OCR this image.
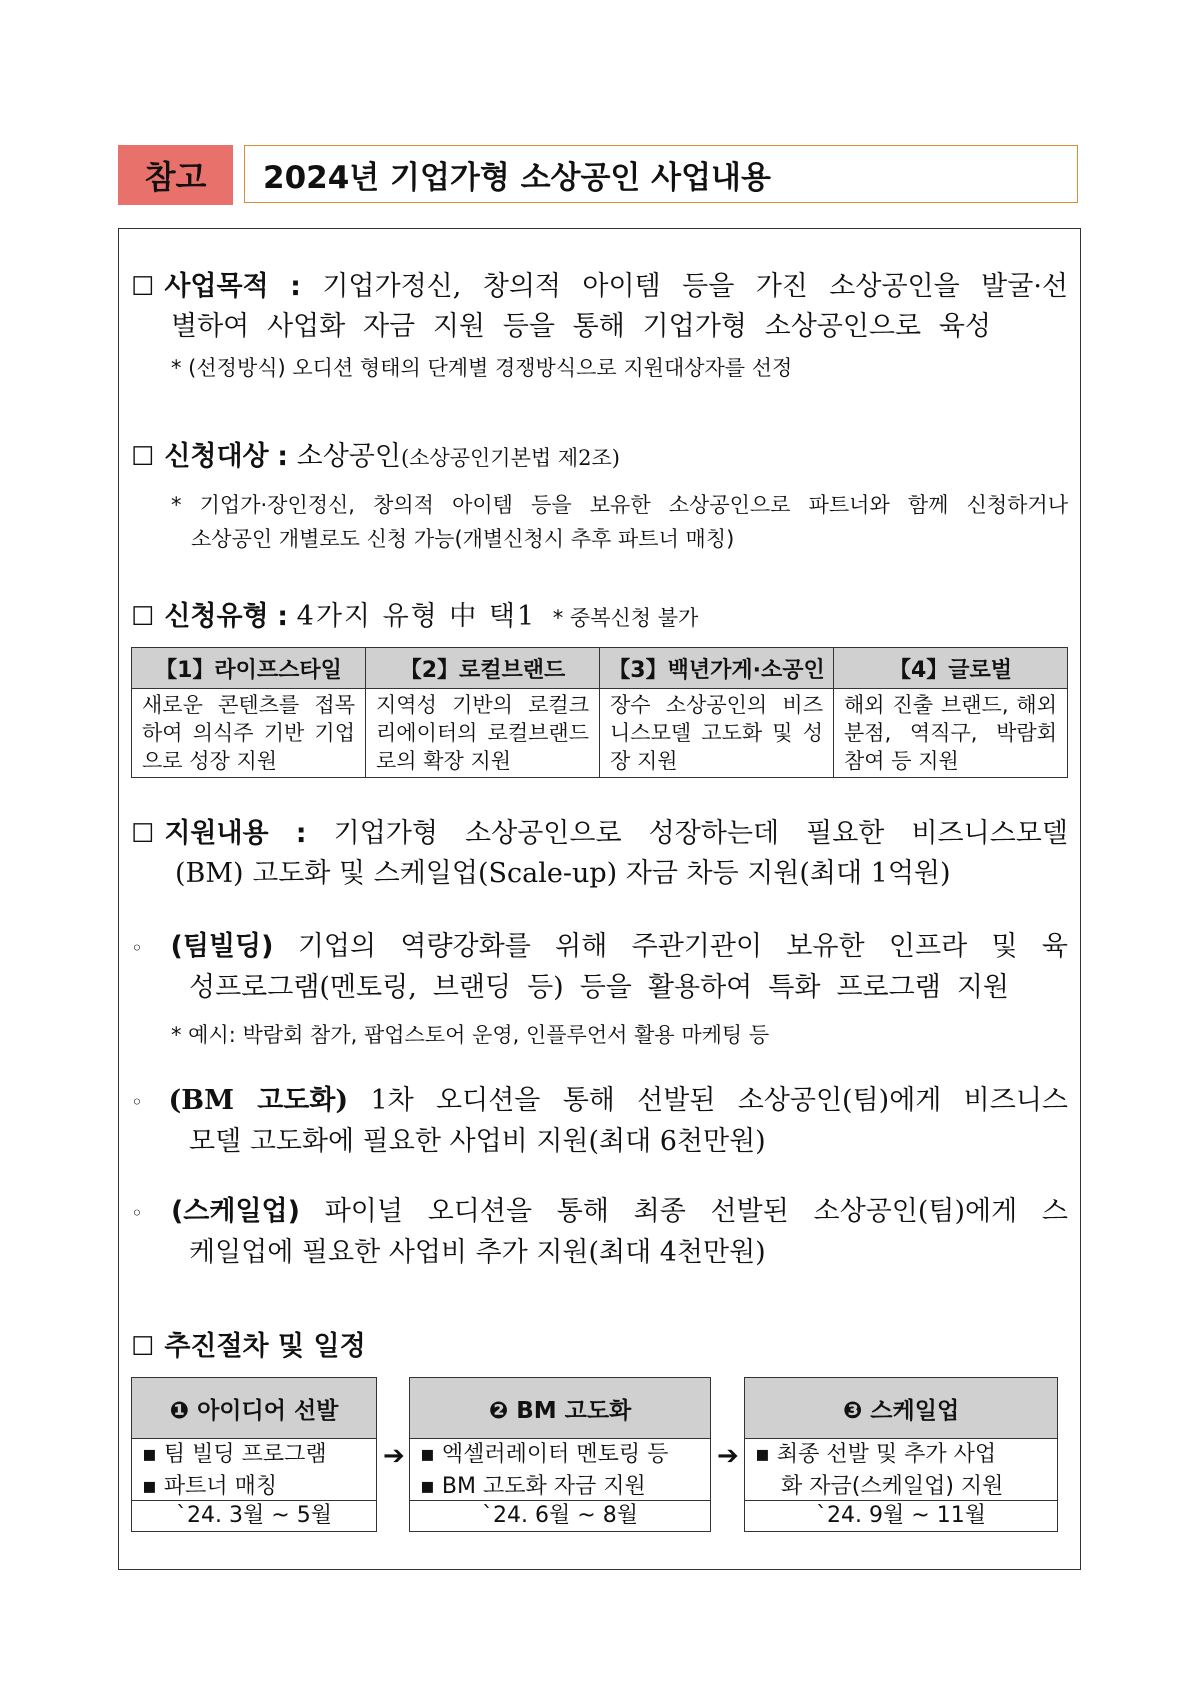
참고	2024년 기업가형 소상공인 사업내용
☐ 사업목적 : 기업가정신, 창의적 아이템 등을 가진 소상공인을 발굴·선
별하여 사업화 자금 지원 등을 통해 기업가형 소상공인으로 육성
* (선정방식) 오디션 형태의 단계별 경쟁방식으로 지원대상자를 선정
☐ 신청대상 : 소상공인(소상공인기본법 제2조)
* 기업가·장인정신, 창의적 아이템 등을 보유한 소상공인으로 파트너와 함께 신청하거나
소상공인 개별로도 신청 가능(개별신청시 추후 파트너 매칭)
☐ 신청유형 : 4가지 유형 中 택1 * 중복신청 불가
【1】라이프스타일	【2】로컬브랜드	【3】백년가게·소공인	【4】글로벌
새로운 콘텐츠를 접목하여 의식주 기반 기업으로 성장 지원	지역성 기반의 로컬크리에이터의 로컬브랜드로의 확장 지원	장수 소상공인의 비즈니스모델 고도화 및 성장 지원	해외 진출 브랜드, 해외 분점, 역직구, 박람회 참여 등 지원
☐ 지원내용 : 기업가형 소상공인으로 성장하는데 필요한 비즈니스모델
(BM) 고도화 및 스케일업(Scale-up) 자금 차등 지원(최대 1억원)
◦ (팀빌딩) 기업의 역량강화를 위해 주관기관이 보유한 인프라 및 육
성프로그램(멘토링, 브랜딩 등) 등을 활용하여 특화 프로그램 지원
* 예시: 박람회 참가, 팝업스토어 운영, 인플루언서 활용 마케팅 등
◦ (BM 고도화) 1차 오디션을 통해 선발된 소상공인(팀)에게 비즈니스
모델 고도화에 필요한 사업비 지원(최대 6천만원)
◦ (스케일업) 파이널 오디션을 통해 최종 선발된 소상공인(팀)에게 스
케일업에 필요한 사업비 추가 지원(최대 4천만원)
☐ 추진절차 및 일정
❶ 아이디어 선발
▪ 팀 빌딩 프로그램
▪ 파트너 매칭
`24. 3월 ~ 5월
➔
❷ BM 고도화
▪ 엑셀러레이터 멘토링 등
▪ BM 고도화 자금 지원
`24. 6월 ~ 8월
➔
❸ 스케일업
▪ 최종 선발 및 추가 사업
화 자금(스케일업) 지원
`24. 9월 ~ 11월
